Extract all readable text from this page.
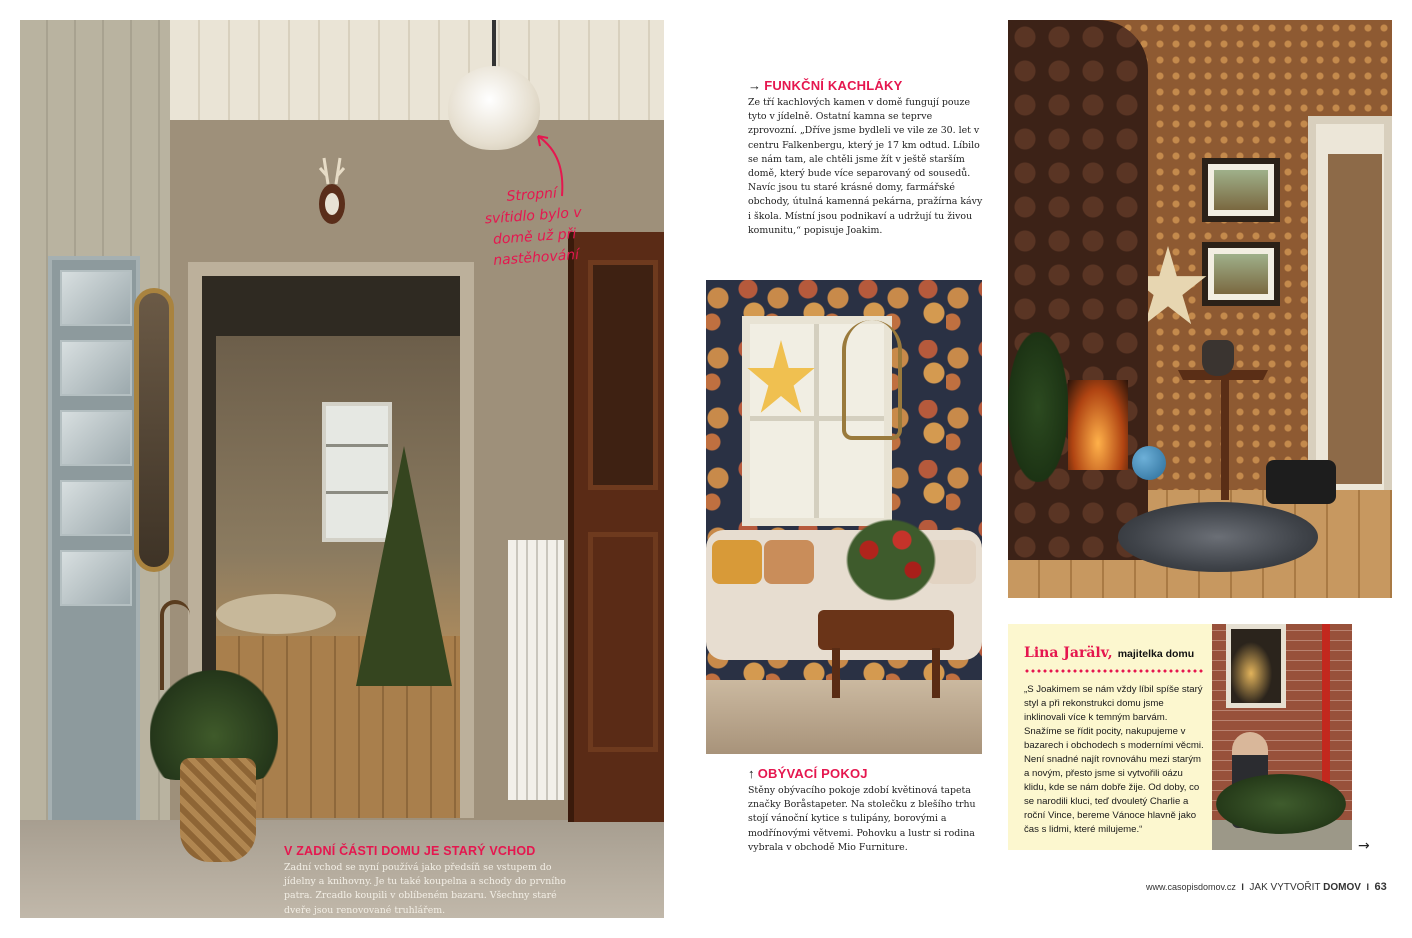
Stropní svítidlo bylo v domě už při nastěhování
V ZADNÍ ČÁSTI DOMU JE STARÝ VCHOD
Zadní vchod se nyní používá jako předsíň se vstupem do jídelny a knihovny. Je tu také koupelna a schody do prvního patra. Zrcadlo koupili v oblíbeném bazaru. Všechny staré dveře jsou renovované truhlářem.
→ FUNKČNÍ KACHLÁKY
Ze tří kachlových kamen v domě fungují pouze tyto v jídelně. Ostatní kamna se teprve zprovozní. „Dříve jsme bydleli ve vile ze 30. let v centru Falkenbergu, který je 17 km odtud. Líbilo se nám tam, ale chtěli jsme žít v ještě starším domě, který bude více separovaný od sousedů. Navíc jsou tu staré krásné domy, farmářské obchody, útulná kamenná pekárna, pražírna kávy i škola. Místní jsou podnikaví a udržují tu živou komunitu,“ popisuje Joakim.
↑ OBÝVACÍ POKOJ
Stěny obývacího pokoje zdobí květinová tapeta značky Boråstapeter. Na stolečku z blešího trhu stojí vánoční kytice s tulipány, borovými a modřínovými větvemi. Pohovku a lustr si rodina vybrala v obchodě Mio Furniture.
Lina Jarälv, majitelka domu
„S Joakimem se nám vždy líbil spíše starý styl a při rekonstrukci domu jsme inklinovali více k temným barvám. Snažíme se řídit pocity, nakupujeme v bazarech i obchodech s moderními věcmi. Není snadné najít rovnováhu mezi starým a novým, přesto jsme si vytvořili oázu klidu, kde se nám dobře žije. Od doby, co se narodili kluci, teď dvouletý Charlie a roční Vince, bereme Vánoce hlavně jako čas s lidmi, které milujeme.“
→
www.casopisdomov.cz I JAK VYTVOŘIT DOMOV I 63
